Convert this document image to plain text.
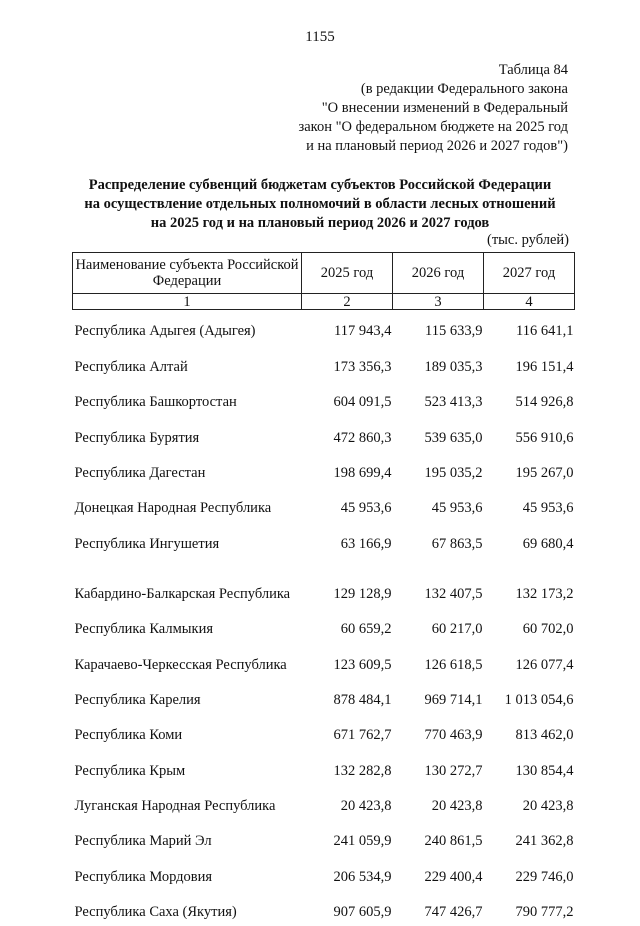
1155
Таблица 84
(в редакции Федерального закона
"О внесении изменений в Федеральный
закон "О федеральном бюджете на 2025 год
и на плановый период 2026 и 2027 годов")
Распределение субвенций бюджетам субъектов Российской Федерации
на осуществление отдельных полномочий в области лесных отношений
на 2025 год и на плановый период 2026 и 2027 годов
(тыс. рублей)
Наименование субъекта Российской Федерации	2025 год	2026 год	2027 год
1	2	3	4
Республика Адыгея (Адыгея)	117 943,4	115 633,9	116 641,1
Республика Алтай	173 356,3	189 035,3	196 151,4
Республика Башкортостан	604 091,5	523 413,3	514 926,8
Республика Бурятия	472 860,3	539 635,0	556 910,6
Республика Дагестан	198 699,4	195 035,2	195 267,0
Донецкая Народная Республика	45 953,6	45 953,6	45 953,6
Республика Ингушетия	63 166,9	67 863,5	69 680,4
Кабардино-Балкарская Республика	129 128,9	132 407,5	132 173,2
Республика Калмыкия	60 659,2	60 217,0	60 702,0
Карачаево-Черкесская Республика	123 609,5	126 618,5	126 077,4
Республика Карелия	878 484,1	969 714,1	1 013 054,6
Республика Коми	671 762,7	770 463,9	813 462,0
Республика Крым	132 282,8	130 272,7	130 854,4
Луганская Народная Республика	20 423,8	20 423,8	20 423,8
Республика Марий Эл	241 059,9	240 861,5	241 362,8
Республика Мордовия	206 534,9	229 400,4	229 746,0
Республика Саха (Якутия)	907 605,9	747 426,7	790 777,2
